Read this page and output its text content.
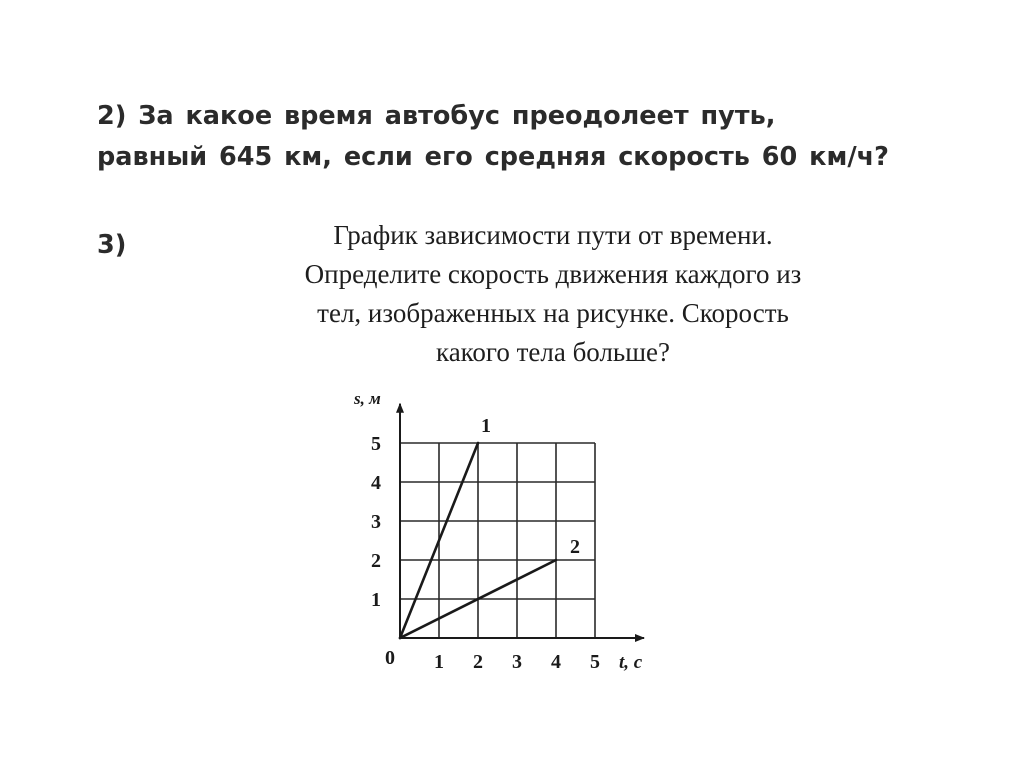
2) За какое время автобус преодолеет путь,
равный 645 км, если его средняя скорость 60 км/ч?
3)	График зависимости пути от времени.
Определите скорость движения каждого из
тел, изображенных на рисунке. Скорость
какого тела больше?
s, м
t, c
0 1 2 3 4 5
1
2
3
4
5
1
2
